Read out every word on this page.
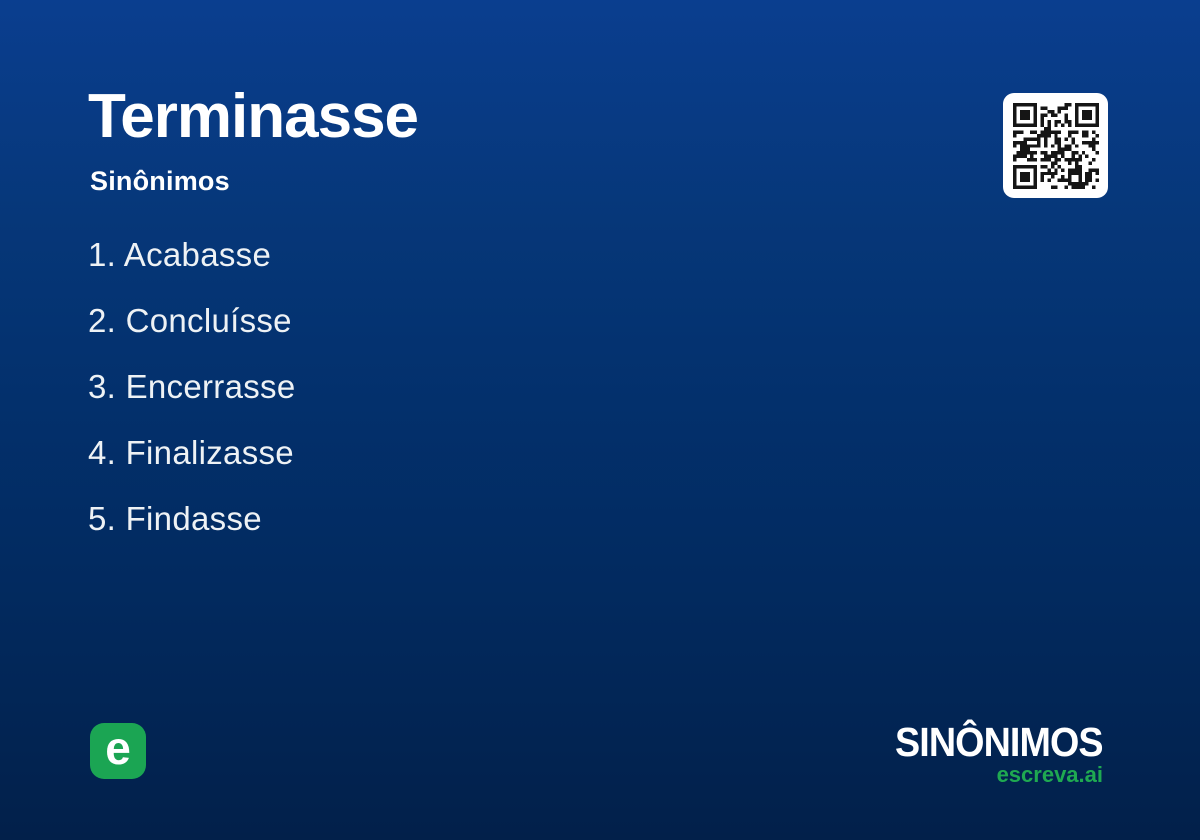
Terminasse
Sinônimos
1. Acabasse
2. Concluísse
3. Encerrasse
4. Finalizasse
5. Findasse
e	SINÔNIMOS
escreva.ai
